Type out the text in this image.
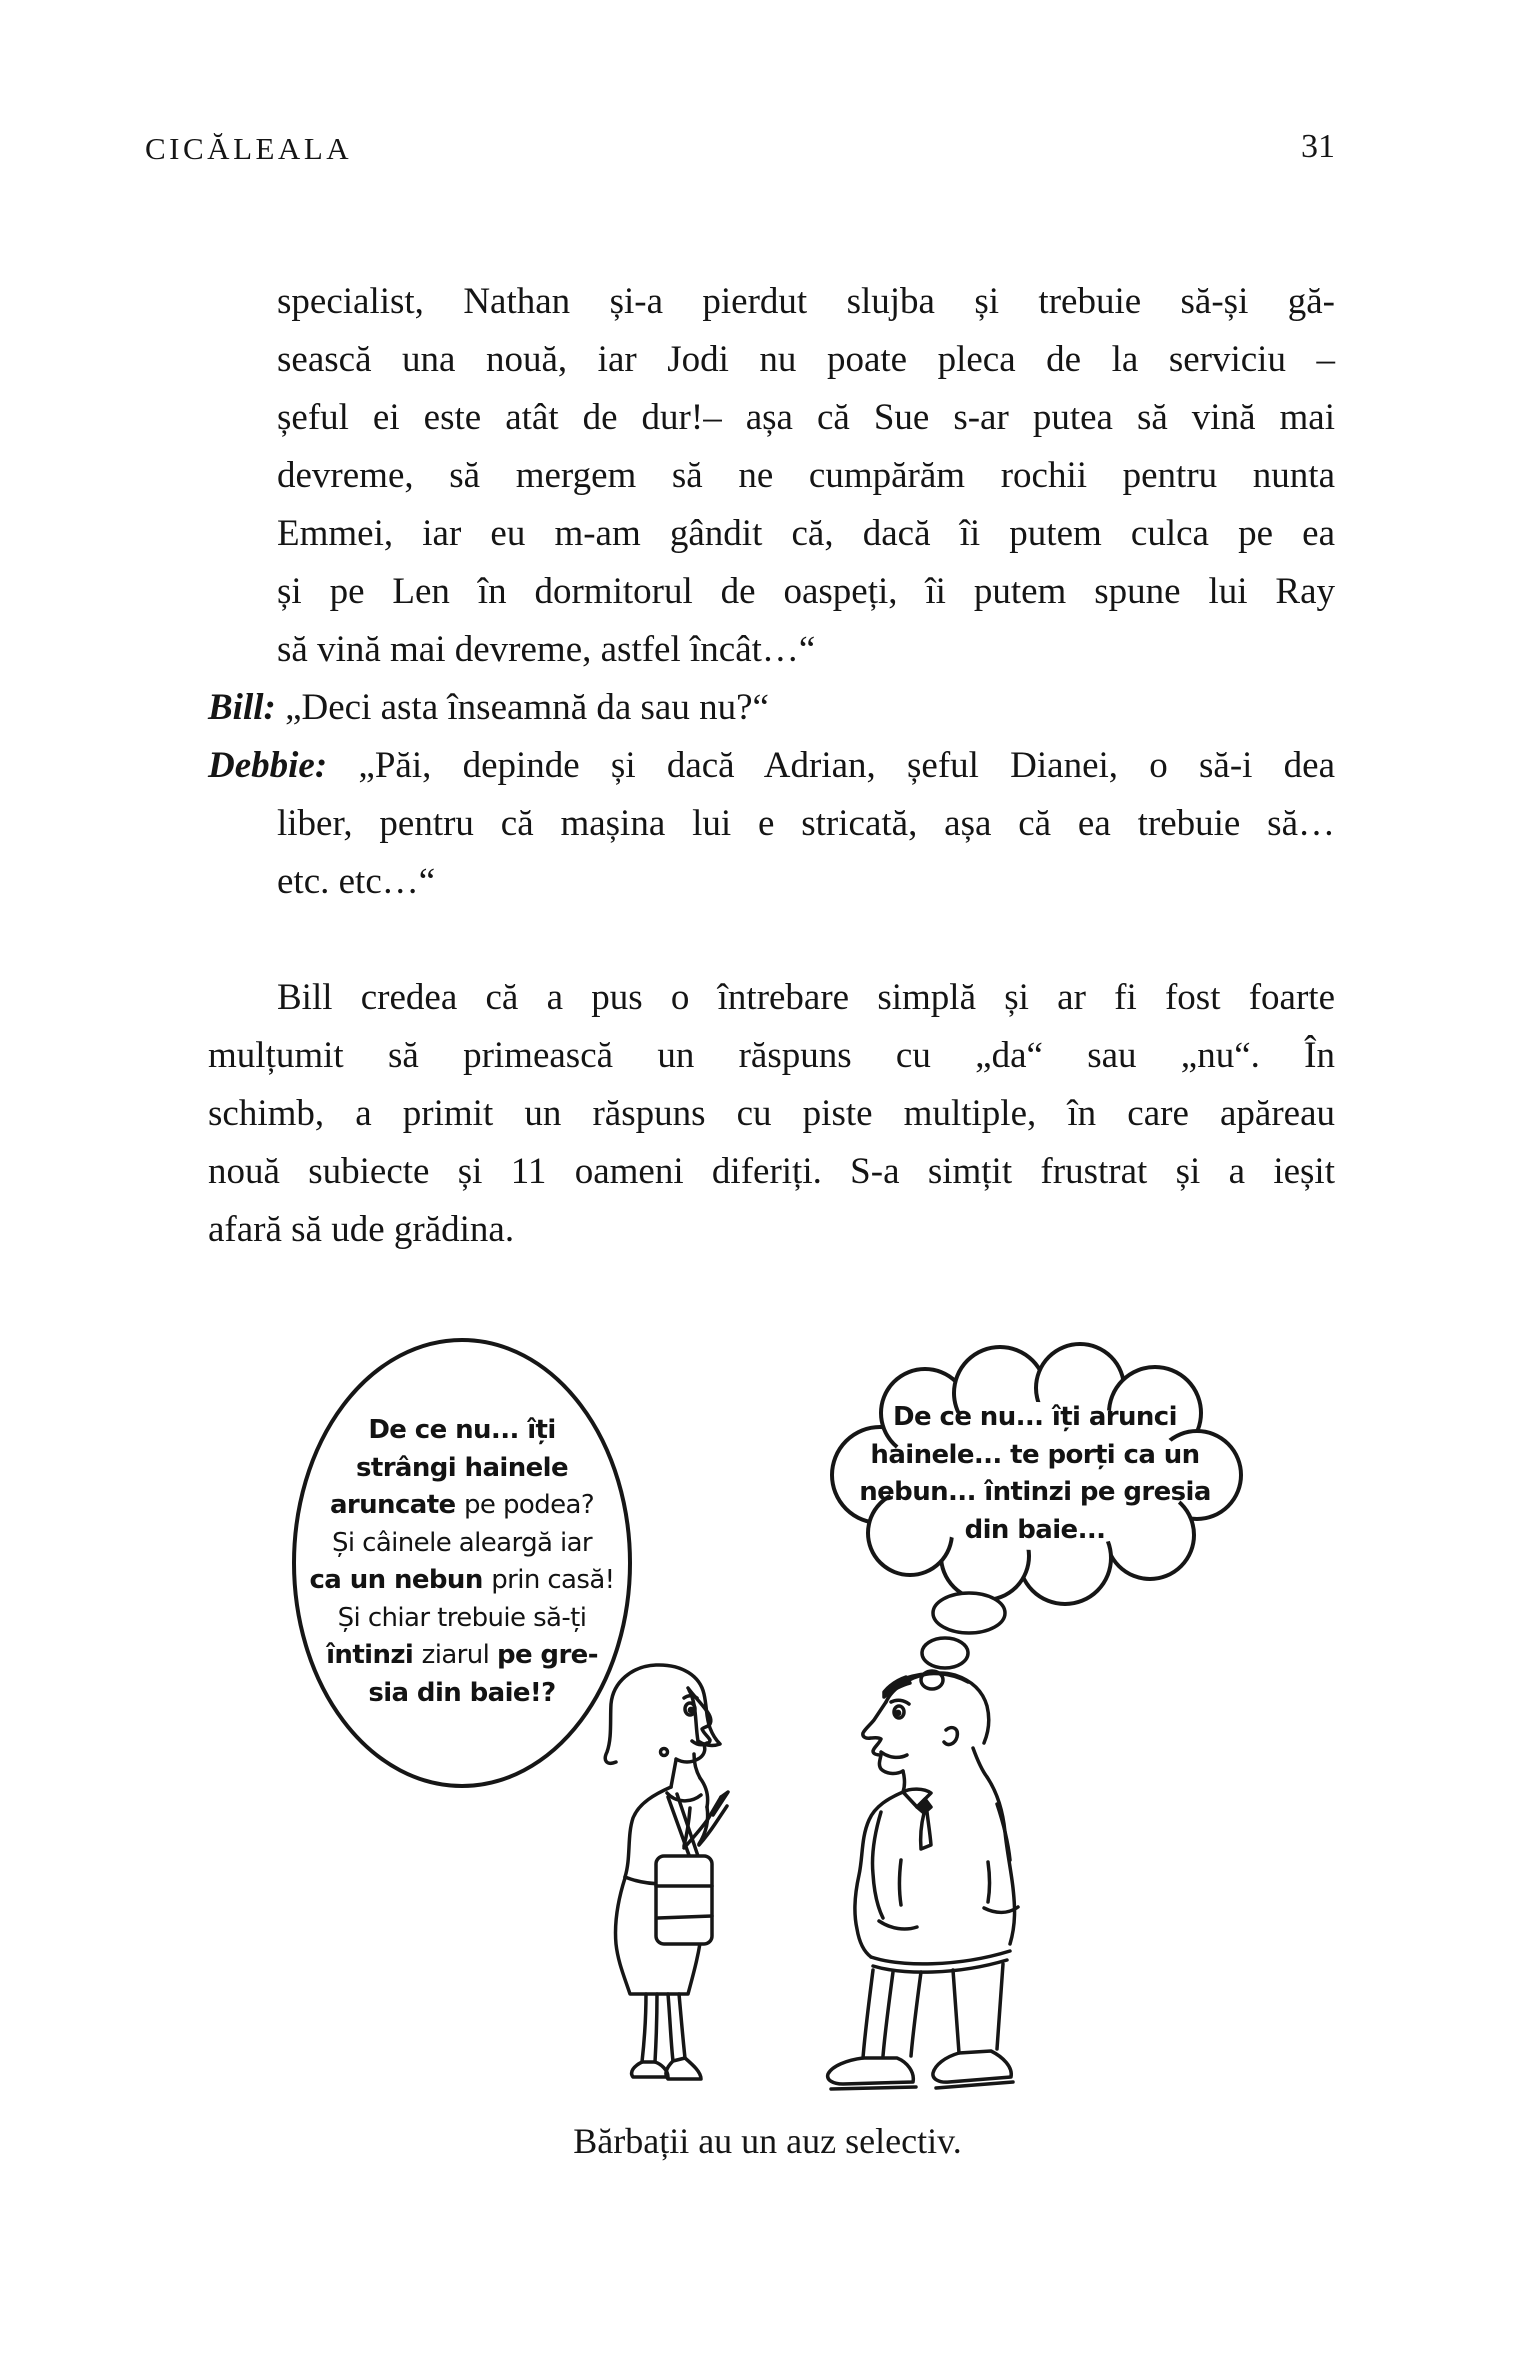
CICĂLEALA	31
specialist, Nathan și-a pierdut slujba și trebuie să-și gă-
sească una nouă, iar Jodi nu poate pleca de la serviciu –
șeful ei este atât de dur!– așa că Sue s-ar putea să vină mai
devreme, să mergem să ne cumpărăm rochii pentru nunta
Emmei, iar eu m-am gândit că, dacă îi putem culca pe ea
și pe Len în dormitorul de oaspeți, îi putem spune lui Ray
să vină mai devreme, astfel încât…“
Bill: „Deci asta înseamnă da sau nu?“
Debbie: „Păi, depinde și dacă Adrian, șeful Dianei, o să-i dea
liber, pentru că mașina lui e stricată, așa că ea trebuie să…
etc. etc…“
Bill credea că a pus o întrebare simplă și ar fi fost foarte
mulțumit să primească un răspuns cu „da“ sau „nu“. În
schimb, a primit un răspuns cu piste multiple, în care apăreau
nouă subiecte și 11 oameni diferiți. S-a simțit frustrat și a ieșit
afară să ude grădina.
De ce nu... îți
strângi hainele
aruncate pe podea?
Și câinele aleargă iar
ca un nebun prin casă!
Și chiar trebuie să-ți
întinzi ziarul pe gre-
sia din baie!?
De ce nu... îți arunci
hainele... te porți ca un
nebun... întinzi pe gresia
din baie...
Bărbații au un auz selectiv.
